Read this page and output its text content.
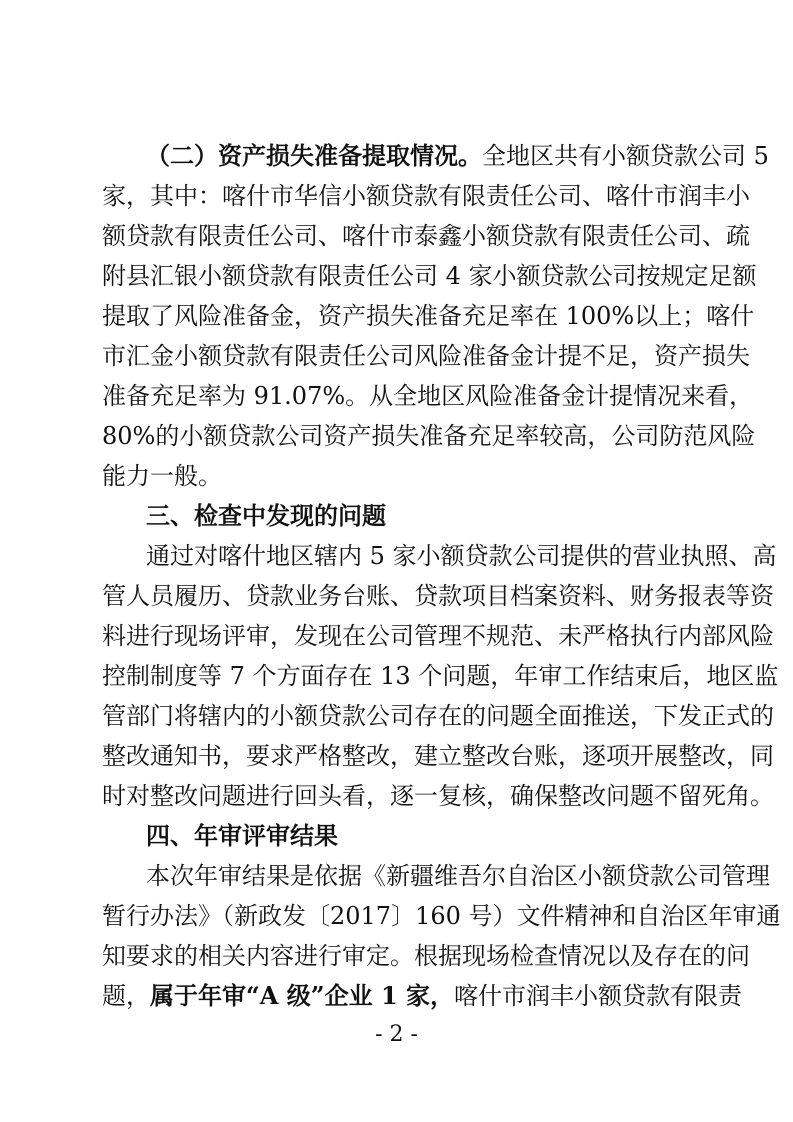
（二）资产损失准备提取情况。全地区共有小额贷款公司 5
家，其中：喀什市华信小额贷款有限责任公司、喀什市润丰小
额贷款有限责任公司、喀什市泰鑫小额贷款有限责任公司、疏
附县汇银小额贷款有限责任公司 4 家小额贷款公司按规定足额
提取了风险准备金，资产损失准备充足率在 100%以上；喀什
市汇金小额贷款有限责任公司风险准备金计提不足，资产损失
准备充足率为 91.07%。从全地区风险准备金计提情况来看，
80%的小额贷款公司资产损失准备充足率较高，公司防范风险
能力一般。
三、检查中发现的问题
通过对喀什地区辖内 5 家小额贷款公司提供的营业执照、高
管人员履历、贷款业务台账、贷款项目档案资料、财务报表等资
料进行现场评审，发现在公司管理不规范、未严格执行内部风险
控制制度等 7 个方面存在 13 个问题，年审工作结束后，地区监
管部门将辖内的小额贷款公司存在的问题全面推送，下发正式的
整改通知书，要求严格整改，建立整改台账，逐项开展整改，同
时对整改问题进行回头看，逐一复核，确保整改问题不留死角。
四、年审评审结果
本次年审结果是依据《新疆维吾尔自治区小额贷款公司管理
暂行办法》（新政发〔2017〕160 号）文件精神和自治区年审通
知要求的相关内容进行审定。根据现场检查情况以及存在的问
题，属于年审“A 级”企业 1 家，喀什市润丰小额贷款有限责
- 2 -
